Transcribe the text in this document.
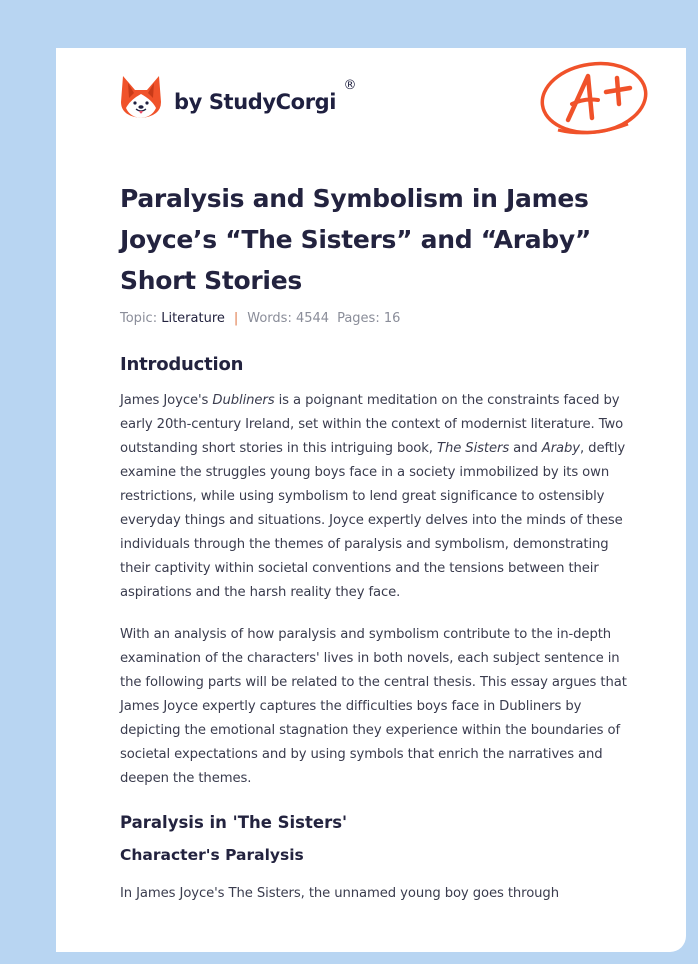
by StudyCorgi
®
Paralysis and Symbolism in James Joyce’s “The Sisters” and “Araby” Short Stories
Topic: Literature | Words: 4544 Pages: 16
Introduction

James Joyce's Dubliners is a poignant meditation on the constraints faced by early 20th-century Ireland, set within the context of modernist literature. Two outstanding short stories in this intriguing book, The Sisters and Araby, deftly examine the struggles young boys face in a society immobilized by its own restrictions, while using symbolism to lend great significance to ostensibly everyday things and situations. Joyce expertly delves into the minds of these individuals through the themes of paralysis and symbolism, demonstrating their captivity within societal conventions and the tensions between their aspirations and the harsh reality they face.

With an analysis of how paralysis and symbolism contribute to the in-depth examination of the characters' lives in both novels, each subject sentence in the following parts will be related to the central thesis. This essay argues that James Joyce expertly captures the difficulties boys face in Dubliners by depicting the emotional stagnation they experience within the boundaries of societal expectations and by using symbols that enrich the narratives and deepen the themes.

Paralysis in 'The Sisters'
Character's Paralysis

In James Joyce's The Sisters, the unnamed young boy goes through
